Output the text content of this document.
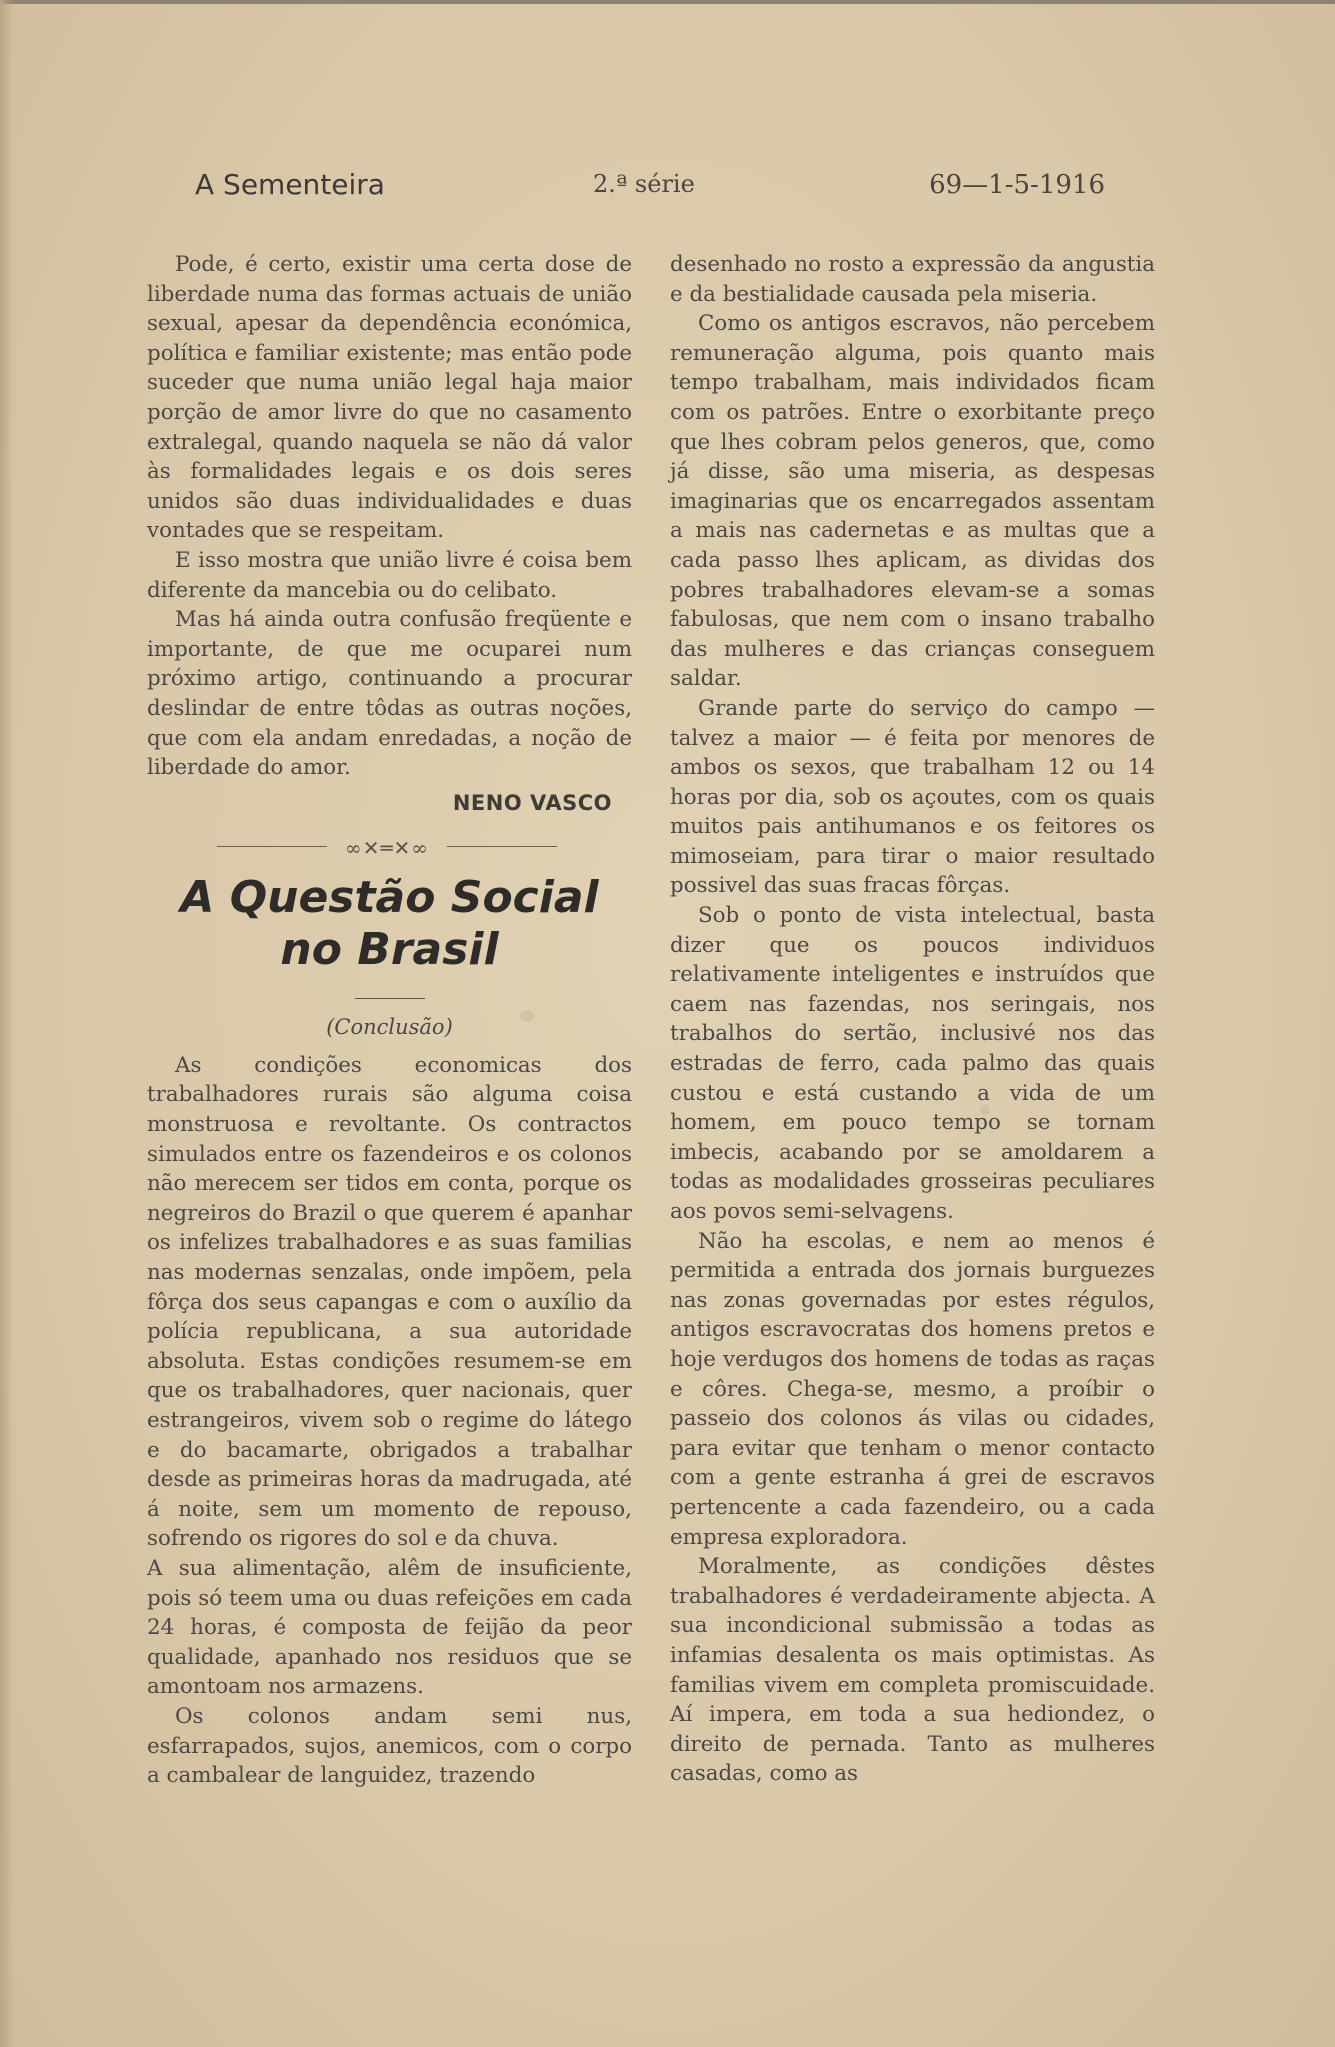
A Sementeira	2.ª série	69—1-5-1916

Pode, é certo, existir uma certa dose de liberdade numa das formas actuais de união sexual, apesar da dependência económica, política e familiar existente; mas então pode suceder que numa união legal haja maior porção de amor livre do que no casamento extralegal, quando naquela se não dá valor às formalidades legais e os dois seres unidos são duas individualidades e duas vontades que se respeitam.

E isso mostra que união livre é coisa bem diferente da mancebia ou do celibato.

Mas há ainda outra confusão freqüente e importante, de que me ocuparei num próximo artigo, continuando a procurar deslindar de entre tôdas as outras noções, que com ela andam enredadas, a noção de liberdade do amor.

NENO VASCO
∞✕═✕∞
A Questão Social
no Brasil
(Conclusão)

As condições economicas dos trabalhadores rurais são alguma coisa monstruosa e revoltante. Os contractos simulados entre os fazendeiros e os colonos não merecem ser tidos em conta, porque os negreiros do Brazil o que querem é apanhar os infelizes trabalhadores e as suas familias nas modernas senzalas, onde impõem, pela fôrça dos seus capangas e com o auxílio da polícia republicana, a sua autoridade absoluta. Estas condições resumem-se em que os trabalhadores, quer nacionais, quer estrangeiros, vivem sob o regime do látego e do bacamarte, obrigados a trabalhar desde as primeiras horas da madrugada, até á noite, sem um momento de repouso, sofrendo os rigores do sol e da chuva.

A sua alimentação, alêm de insuficiente, pois só teem uma ou duas refeições em cada 24 horas, é composta de feijão da peor qualidade, apanhado nos residuos que se amontoam nos armazens.

Os colonos andam semi nus, esfarrapados, sujos, anemicos, com o corpo a cambalear de languidez, trazendo

desenhado no rosto a expressão da angustia e da bestialidade causada pela miseria.

Como os antigos escravos, não percebem remuneração alguma, pois quanto mais tempo trabalham, mais individados ficam com os patrões. Entre o exorbitante preço que lhes cobram pelos generos, que, como já disse, são uma miseria, as despesas imaginarias que os encarregados assentam a mais nas cadernetas e as multas que a cada passo lhes aplicam, as dividas dos pobres trabalhadores elevam-se a somas fabulosas, que nem com o insano trabalho das mulheres e das crianças conseguem saldar.

Grande parte do serviço do campo — talvez a maior — é feita por menores de ambos os sexos, que trabalham 12 ou 14 horas por dia, sob os açoutes, com os quais muitos pais antihumanos e os feitores os mimoseiam, para tirar o maior resultado possivel das suas fracas fôrças.

Sob o ponto de vista intelectual, basta dizer que os poucos individuos relativamente inteligentes e instruídos que caem nas fazendas, nos seringais, nos trabalhos do sertão, inclusivé nos das estradas de ferro, cada palmo das quais custou e está custando a vida de um homem, em pouco tempo se tornam imbecis, acabando por se amoldarem a todas as modalidades grosseiras peculiares aos povos semi-selvagens.

Não ha escolas, e nem ao menos é permitida a entrada dos jornais burguezes nas zonas governadas por estes régulos, antigos escravocratas dos homens pretos e hoje verdugos dos homens de todas as raças e côres. Chega-se, mesmo, a proíbir o passeio dos colonos ás vilas ou cidades, para evitar que tenham o menor contacto com a gente estranha á grei de escravos pertencente a cada fazendeiro, ou a cada empresa exploradora.

Moralmente, as condições dêstes trabalhadores é verdadeiramente abjecta. A sua incondicional submissão a todas as infamias desalenta os mais optimistas. As familias vivem em completa promiscuidade. Aí impera, em toda a sua hediondez, o direito de pernada. Tanto as mulheres casadas, como as
